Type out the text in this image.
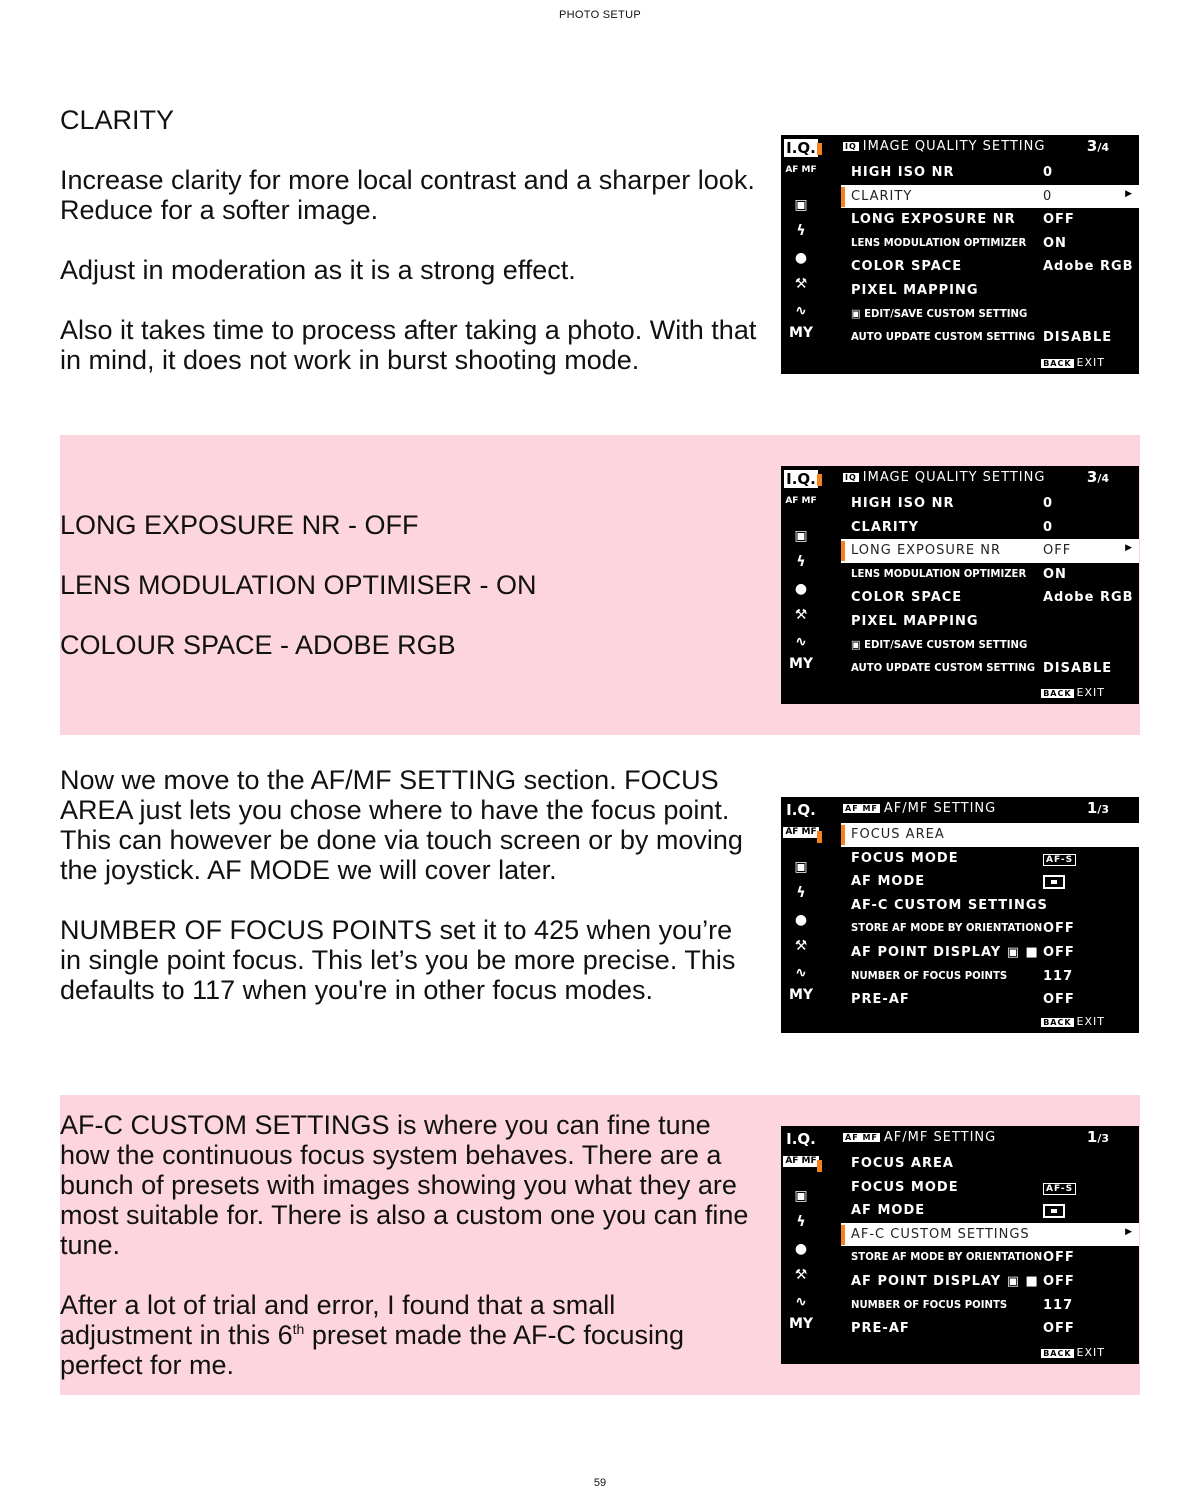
PHOTO SETUP

CLARITY

Increase clarity for more local contrast and a sharper look. Reduce for a softer image.

Adjust in moderation as it is a strong effect.

Also it takes time to process after taking a photo. With that in mind, it does not work in burst shooting mode.

LONG EXPOSURE NR - OFF

LENS MODULATION OPTIMISER - ON

COLOUR SPACE - ADOBE RGB

Now we move to the AF/MF SETTING section. FOCUS AREA just lets you chose where to have the focus point. This can however be done via touch screen or by moving the joystick. AF MODE we will cover later.

NUMBER OF FOCUS POINTS set it to 425 when you’re in single point focus. This let’s you be more precise. This defaults to 117 when you're in other focus modes.

AF-C CUSTOM SETTINGS is where you can fine tune how the continuous focus system behaves. There are a bunch of presets with images showing you what they are most suitable for. There is also a custom one you can fine tune.

After a lot of trial and error, I found that a small adjustment in this 6th preset made the AF-C focusing perfect for me.

I.Q.
AF MF
▣
ϟ
●
⚒
∿
MY
IQ IMAGE QUALITY SETTING	3/4
HIGH ISO NR	0
CLARITY	0	▶
LONG EXPOSURE NR OFF
LENS MODULATION OPTIMIZER ON
COLOR SPACE	Adobe RGB
PIXEL MAPPING
▣ EDIT/SAVE CUSTOM SETTING
AUTO UPDATE CUSTOM SETTING DISABLE
BACK EXIT
I.Q.
AF MF
▣
ϟ
●
⚒
∿
MY
IQ IMAGE QUALITY SETTING	3/4
HIGH ISO NR	0
CLARITY	0
LONG EXPOSURE NR	OFF	▶
LENS MODULATION OPTIMIZER ON
COLOR SPACE	Adobe RGB
PIXEL MAPPING
▣ EDIT/SAVE CUSTOM SETTING
AUTO UPDATE CUSTOM SETTING DISABLE
BACK EXIT
I.Q.
AF MF
▣
ϟ
●
⚒
∿
MY
AF MF AF/MF SETTING	1/3
FOCUS AREA
FOCUS MODE	AF-S
AF MODE
AF-C CUSTOM SETTINGS
STORE AF MODE BY ORIENTATION OFF
AF POINT DISPLAY ▣ ■ OFF
NUMBER OF FOCUS POINTS	117
PRE-AF	OFF
BACK EXIT
I.Q.
AF MF
▣
ϟ
●
⚒
∿
MY
AF MF AF/MF SETTING	1/3
FOCUS AREA
FOCUS MODE	AF-S
AF MODE
AF-C CUSTOM SETTINGS	▶
STORE AF MODE BY ORIENTATION OFF
AF POINT DISPLAY ▣ ■ OFF
NUMBER OF FOCUS POINTS	117
PRE-AF	OFF
BACK EXIT
59
